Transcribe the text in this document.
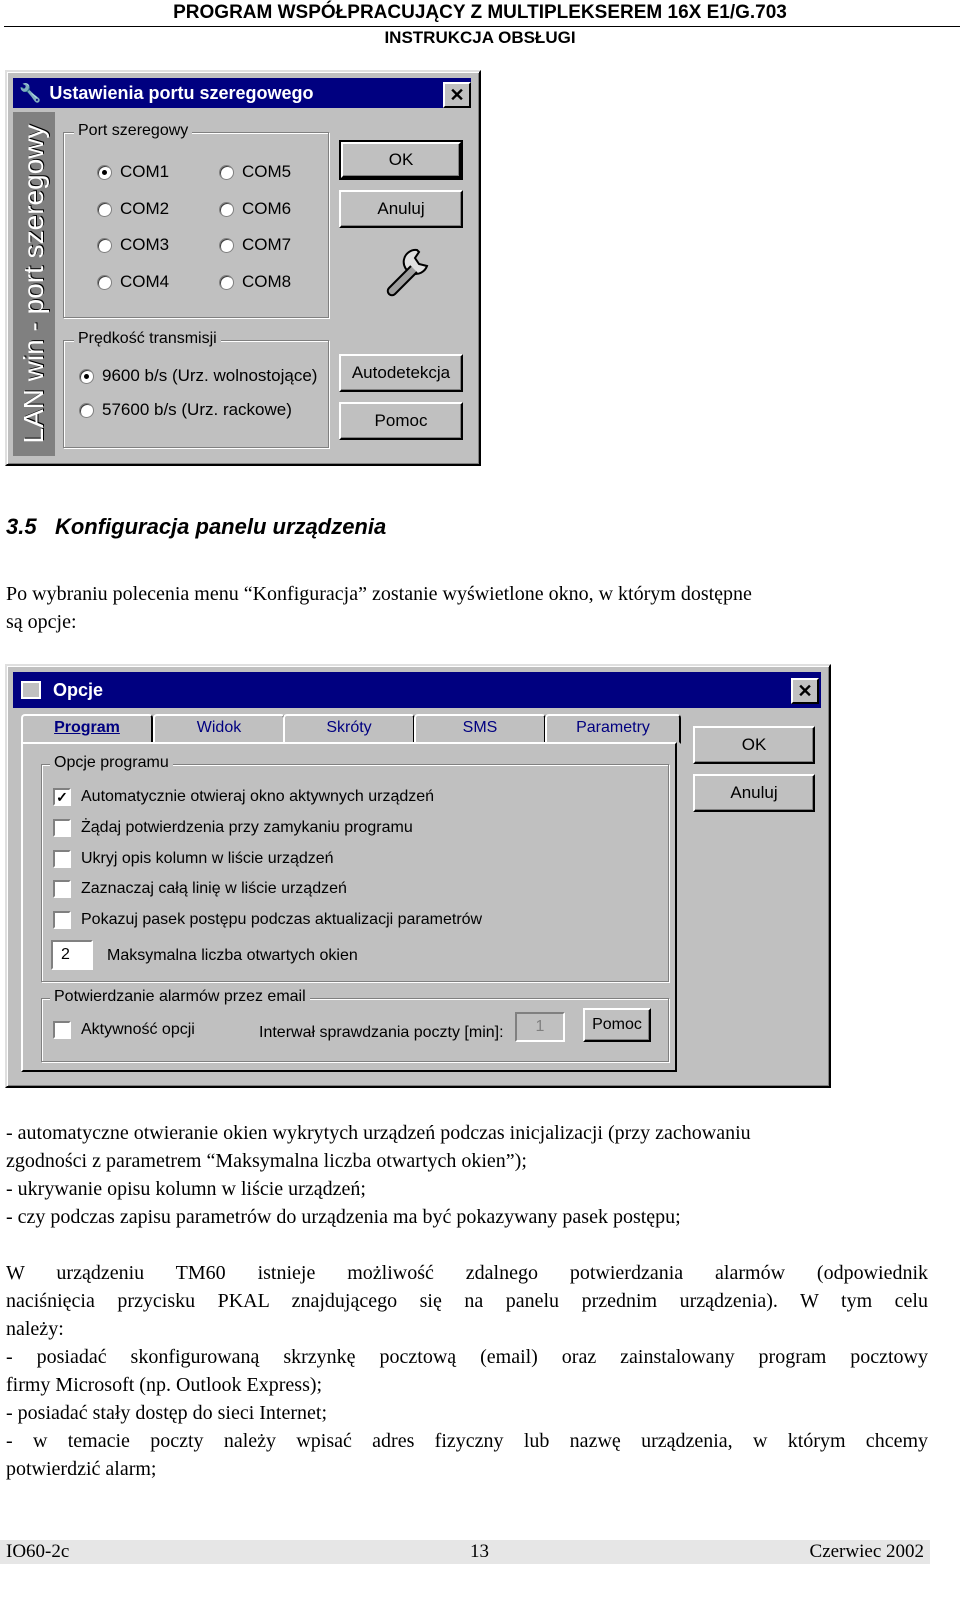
PROGRAM WSPÓŁPRACUJĄCY Z MULTIPLEKSEREM 16X E1/G.703
INSTRUKCJA OBSŁUGI
🔧 Ustawienia portu szeregowego	✕
LAN win - port szeregowy Port szeregowy
COM1	COM5
COM2	COM6
COM3	COM7
COM4	COM8
Prędkość transmisji
9600 b/s (Urz. wolnostojące)
57600 b/s (Urz. rackowe)
OK
Anuluj
Autodetekcja
Pomoc
3.5 Konfiguracja panelu urządzenia
Po wybraniu polecenia menu “Konfiguracja” zostanie wyświetlone okno, w którym dostępne
są opcje:
Opcje	✕
Program	Widok	Skróty	SMS	Parametry
Opcje programu
✓ Automatycznie otwieraj okno aktywnych urządzeń
Żądaj potwierdzenia przy zamykaniu programu
Ukryj opis kolumn w liście urządzeń
Zaznaczaj całą linię w liście urządzeń
Pokazuj pasek postępu podczas aktualizacji parametrów
2	Maksymalna liczba otwartych okien
Potwierdzanie alarmów przez email
Aktywność opcji	Interwał sprawdzania poczty [min]:	1	Pomoc
OK
Anuluj
- automatyczne otwieranie okien wykrytych urządzeń podczas inicjalizacji (przy zachowaniu
zgodności z parametrem “Maksymalna liczba otwartych okien”);
- ukrywanie opisu kolumn w liście urządzeń;
- czy podczas zapisu parametrów do urządzenia ma być pokazywany pasek postępu;
W urządzeniu TM60 istnieje możliwość zdalnego potwierdzania alarmów (odpowiednik
naciśnięcia przycisku PKAL znajdującego się na panelu przednim urządzenia). W tym celu
należy:
- posiadać skonfigurowaną skrzynkę pocztową (email) oraz zainstalowany program pocztowy
firmy Microsoft (np. Outlook Express);
- posiadać stały dostęp do sieci Internet;
- w temacie poczty należy wpisać adres fizyczny lub nazwę urządzenia, w którym chcemy
potwierdzić alarm;
IO60-2c	13	Czerwiec 2002
